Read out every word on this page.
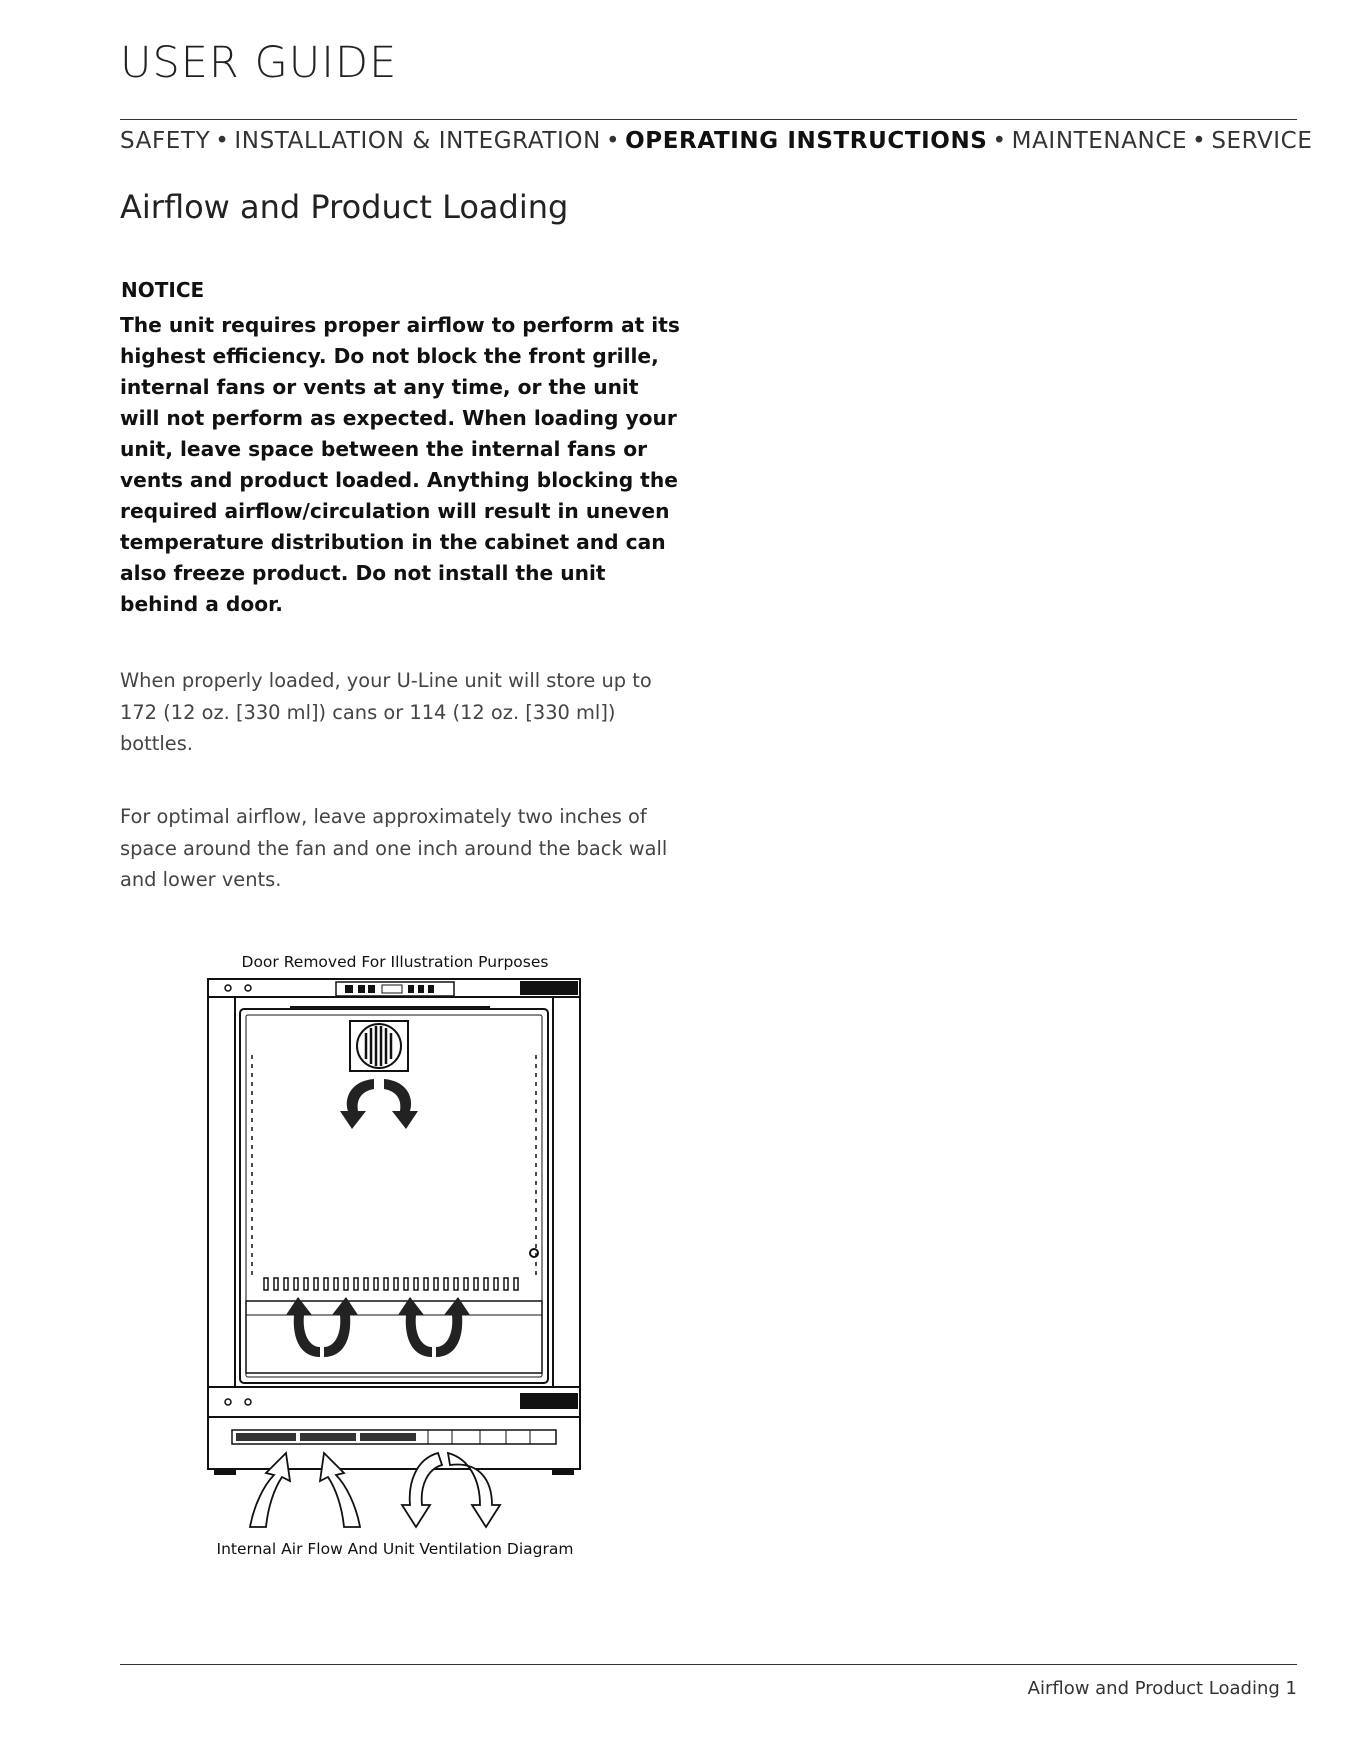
USER GUIDE
SAFETY • INSTALLATION & INTEGRATION • OPERATING INSTRUCTIONS • MAINTENANCE • SERVICE
Airflow and Product Loading
NOTICE

The unit requires proper airflow to perform at its highest efficiency. Do not block the front grille, internal fans or vents at any time, or the unit will not perform as expected. When loading your unit, leave space between the internal fans or vents and product loaded. Anything blocking the required airflow/circulation will result in uneven temperature distribution in the cabinet and can also freeze product. Do not install the unit behind a door.

When properly loaded, your U-Line unit will store up to 172 (12 oz. [330 ml]) cans or 114 (12 oz. [330 ml]) bottles.

For optimal airflow, leave approximately two inches of space around the fan and one inch around the back wall and lower vents.

Door Removed For Illustration Purposes
Internal Air Flow And Unit Ventilation Diagram
Airflow and Product Loading 1
